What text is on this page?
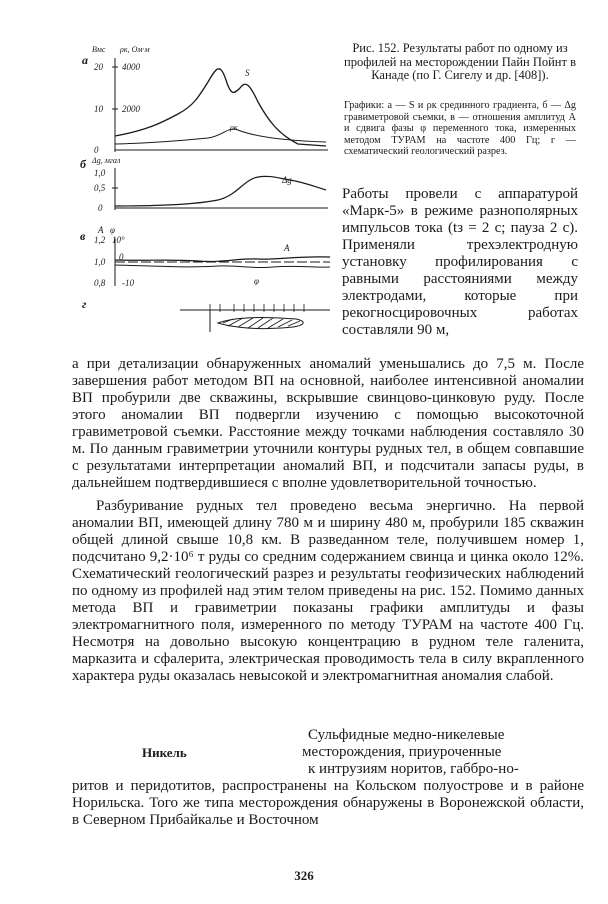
а
Вмс ρк, Ом·м
20 4000
10 2000
0
S
ρк
б Δg, мгал
1,0
0,5
0
Δg
в А φ
1,2 10°
1,0 0
0,8 -10
А
φ
г
Рис. 152. Результаты работ по одному из профилей на месторождении Пайн Пойнт в Канаде (по Г. Сигелу и др. [408]).
Графики: а — S и ρк срединного градиента, б — Δg гравиметровой съемки, в — отношения амплитуд А и сдвига фазы φ переменного тока, измеренных методом ТУРАМ на частоте 400 Гц; г — схематический геологический разрез.
Работы провели с аппаратурой «Марк-5» в режиме разнополярных импульсов тока (tз = 2 с; пауза 2 с). Применяли трехэлектродную установку профилирования с равными расстояниями между электродами, которые при рекогносцировочных работах составляли 90 м,

а при детализации обнаруженных аномалий уменьшались до 7,5 м. После завершения работ методом ВП на основной, наиболее интенсивной аномалии ВП пробурили две скважины, вскрывшие свинцово-цинковую руду. После этого аномалии ВП подвергли изучению с помощью высокоточной гравиметровой съемки. Расстояние между точками наблюдения составляло 30 м. По данным гравиметрии уточнили контуры рудных тел, в общем совпавшие с результатами интерпретации аномалий ВП, и подсчитали запасы руды, в дальнейшем подтвердившиеся с вполне удовлетворительной точностью.

Разбуривание рудных тел проведено весьма энергично. На первой аномалии ВП, имеющей длину 780 м и ширину 480 м, пробурили 185 скважин общей длиной свыше 10,8 км. В разведанном теле, получившем номер 1, подсчитано 9,2·10⁶ т руды со средним содержанием свинца и цинка около 12%. Схематический геологический разрез и результаты геофизических наблюдений по одному из профилей над этим телом приведены на рис. 152. Помимо данных метода ВП и гравиметрии показаны графики амплитуды и фазы электромагнитного поля, измеренного по методу ТУРАМ на частоте 400 Гц. Несмотря на довольно высокую концентрацию в рудном теле галенита, марказита и сфалерита, электрическая проводимость тела в силу вкрапленного характера руды оказалась невысокой и электромагнитная аномалия слабой.

Сульфидные медно-никелевые
Никель	месторождения, приуроченные
к интрузиям норитов, габбро-но-
ритов и перидотитов, распространены на Кольском полуострове и в районе Норильска. Того же типа месторождения обнаружены в Воронежской области, в Северном Прибайкалье и Восточном
326
